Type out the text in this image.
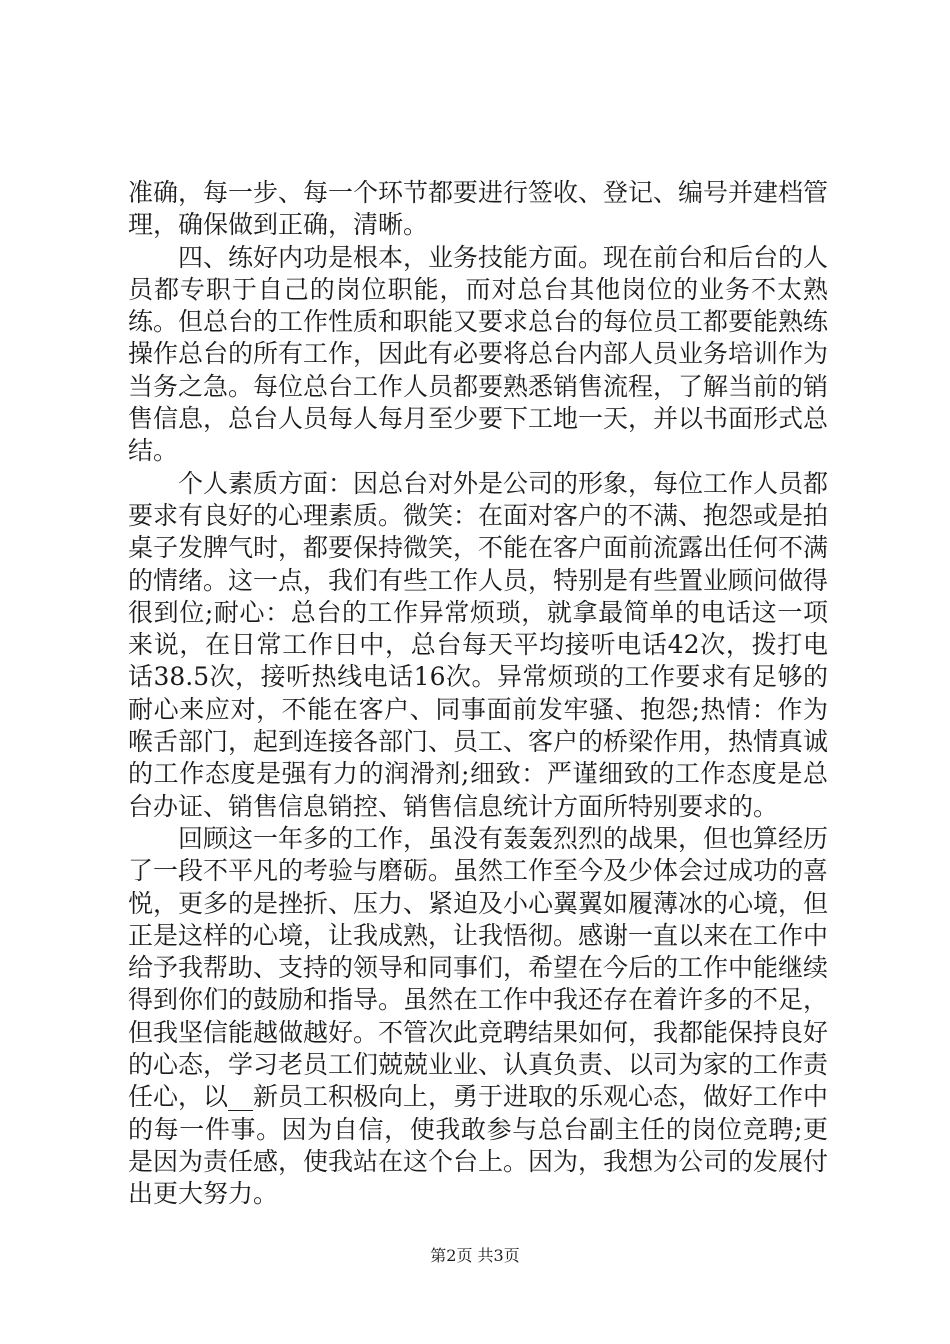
准确，每一步、每一个环节都要进行签收、登记、编号并建档管理，确保做到正确，清晰。

四、练好内功是根本，业务技能方面。现在前台和后台的人员都专职于自己的岗位职能，而对总台其他岗位的业务不太熟练。但总台的工作性质和职能又要求总台的每位员工都要能熟练操作总台的所有工作，因此有必要将总台内部人员业务培训作为当务之急。每位总台工作人员都要熟悉销售流程，了解当前的销售信息，总台人员每人每月至少要下工地一天，并以书面形式总结。

个人素质方面：因总台对外是公司的形象，每位工作人员都要求有良好的心理素质。微笑：在面对客户的不满、抱怨或是拍桌子发脾气时，都要保持微笑，不能在客户面前流露出任何不满的情绪。这一点，我们有些工作人员，特别是有些置业顾问做得很到位;耐心：总台的工作异常烦琐，就拿最简单的电话这一项来说，在日常工作日中，总台每天平均接听电话42次，拨打电话38.5次，接听热线电话16次。异常烦琐的工作要求有足够的耐心来应对，不能在客户、同事面前发牢骚、抱怨;热情：作为喉舌部门，起到连接各部门、员工、客户的桥梁作用，热情真诚的工作态度是强有力的润滑剂;细致：严谨细致的工作态度是总台办证、销售信息销控、销售信息统计方面所特别要求的。

回顾这一年多的工作，虽没有轰轰烈烈的战果，但也算经历了一段不平凡的考验与磨砺。虽然工作至今及少体会过成功的喜悦，更多的是挫折、压力、紧迫及小心翼翼如履薄冰的心境，但正是这样的心境，让我成熟，让我悟彻。感谢一直以来在工作中给予我帮助、支持的领导和同事们，希望在今后的工作中能继续得到你们的鼓励和指导。虽然在工作中我还存在着许多的不足，但我坚信能越做越好。不管次此竞聘结果如何，我都能保持良好的心态，学习老员工们兢兢业业、认真负责、以司为家的工作责任心，以__新员工积极向上，勇于进取的乐观心态，做好工作中的每一件事。因为自信，使我敢参与总台副主任的岗位竞聘;更是因为责任感，使我站在这个台上。因为，我想为公司的发展付出更大努力。

第2页 共3页
